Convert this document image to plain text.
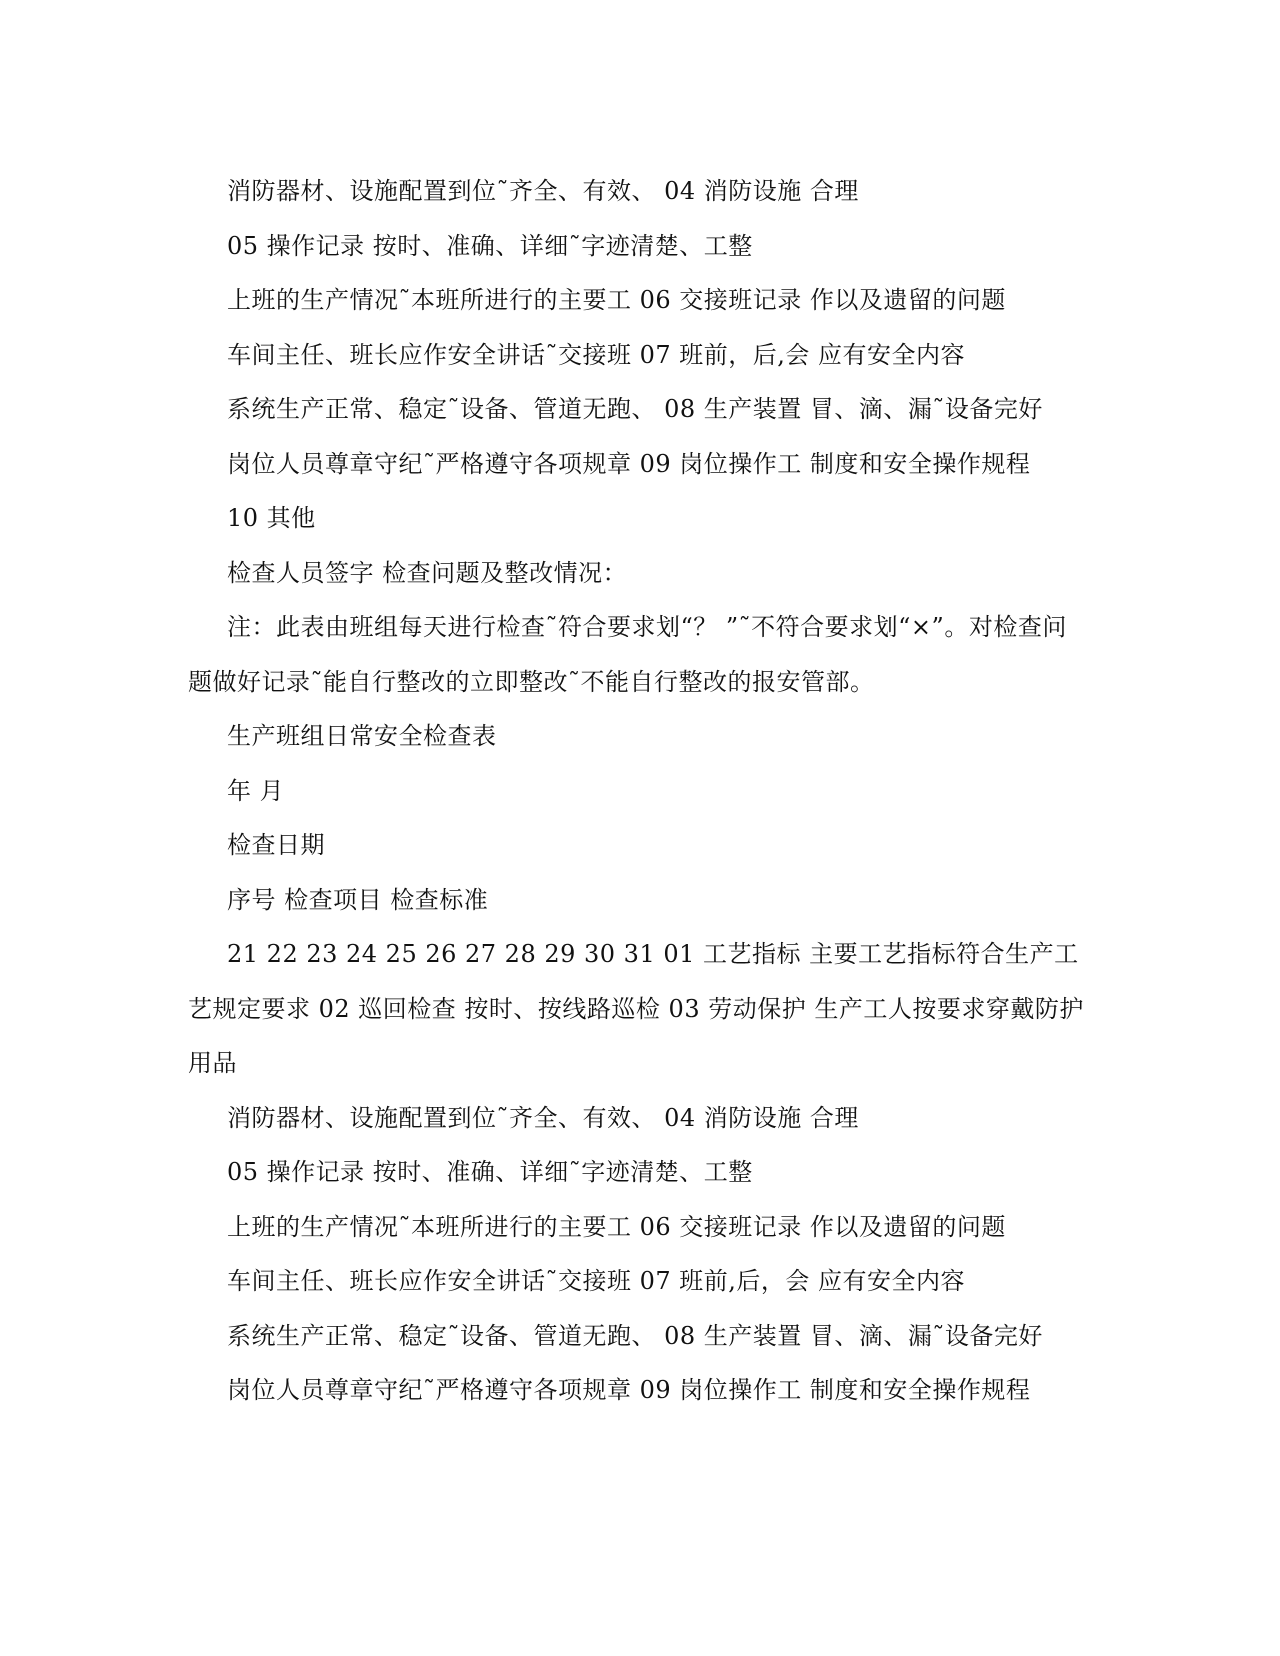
消防器材、设施配置到位˜齐全、有效、 04 消防设施 合理

05 操作记录 按时、准确、详细˜字迹清楚、工整

上班的生产情况˜本班所进行的主要工 06 交接班记录 作以及遗留的问题

车间主任、班长应作安全讲话˜交接班 07 班前，后,会 应有安全内容

系统生产正常、稳定˜设备、管道无跑、 08 生产装置 冒、滴、漏˜设备完好

岗位人员尊章守纪˜严格遵守各项规章 09 岗位操作工 制度和安全操作规程

10 其他

检查人员签字 检查问题及整改情况：

注：此表由班组每天进行检查˜符合要求划“？ ”˜不符合要求划“×”。对检查问题做好记录˜能自行整改的立即整改˜不能自行整改的报安管部。

生产班组日常安全检查表

年 月

检查日期

序号 检查项目 检查标准

21 22 23 24 25 26 27 28 29 30 31 01 工艺指标 主要工艺指标符合生产工艺规定要求 02 巡回检查 按时、按线路巡检 03 劳动保护 生产工人按要求穿戴防护用品

消防器材、设施配置到位˜齐全、有效、 04 消防设施 合理

05 操作记录 按时、准确、详细˜字迹清楚、工整

上班的生产情况˜本班所进行的主要工 06 交接班记录 作以及遗留的问题

车间主任、班长应作安全讲话˜交接班 07 班前,后，会 应有安全内容

系统生产正常、稳定˜设备、管道无跑、 08 生产装置 冒、滴、漏˜设备完好

岗位人员尊章守纪˜严格遵守各项规章 09 岗位操作工 制度和安全操作规程
